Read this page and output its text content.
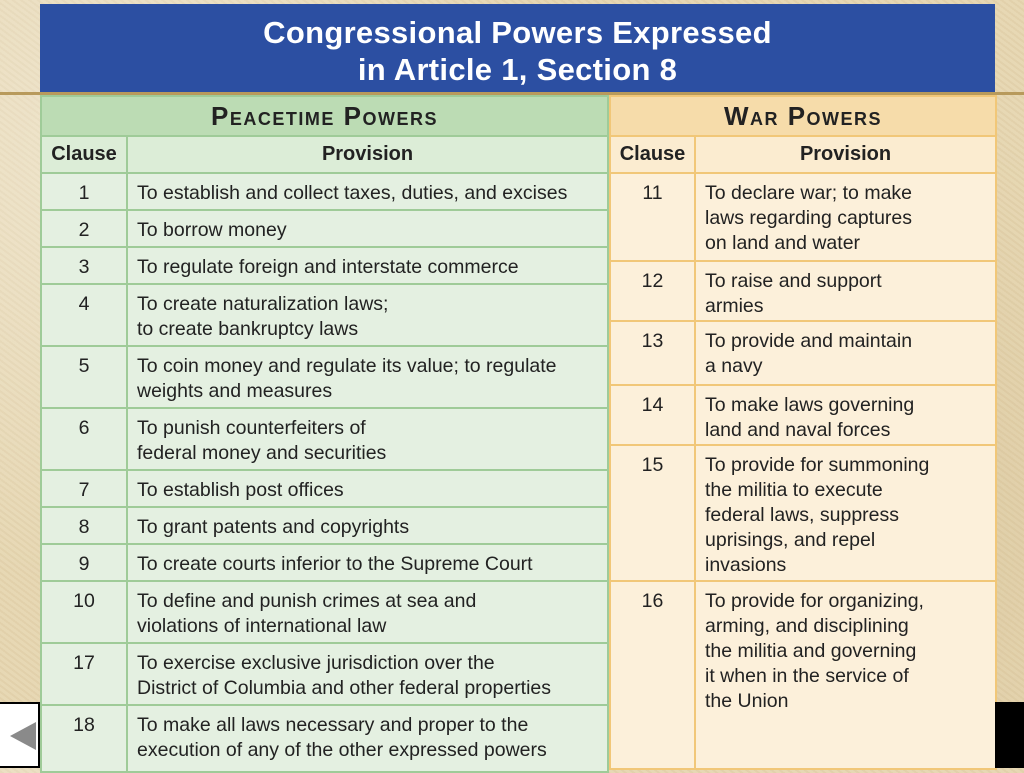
Congressional Powers Expressed
in Article 1, Section 8
Peacetime Powers	
Clause	Provision
1	To establish and collect taxes, duties, and excises

2	To borrow money

3	To regulate foreign and interstate commerce

4	To create naturalization laws;
to create bankruptcy laws

5	To coin money and regulate its value; to regulate
weights and measures

6	To punish counterfeiters of
federal money and securities

7	To establish post offices

8	To grant patents and copyrights

9	To create courts inferior to the Supreme Court

10	To define and punish crimes at sea and
violations of international law

17	To exercise exclusive jurisdiction over the
District of Columbia and other federal properties

18	To make all laws necessary and proper to the
execution of any of the other expressed powers
War Powers	
Clause	Provision
11	To declare war; to make
laws regarding captures
on land and water

12	To raise and support
armies

13	To provide and maintain
a navy

14	To make laws governing
land and naval forces

15	To provide for summoning
the militia to execute
federal laws, suppress
uprisings, and repel
invasions

16	To provide for organizing,
arming, and disciplining
the militia and governing
it when in the service of
the Union
